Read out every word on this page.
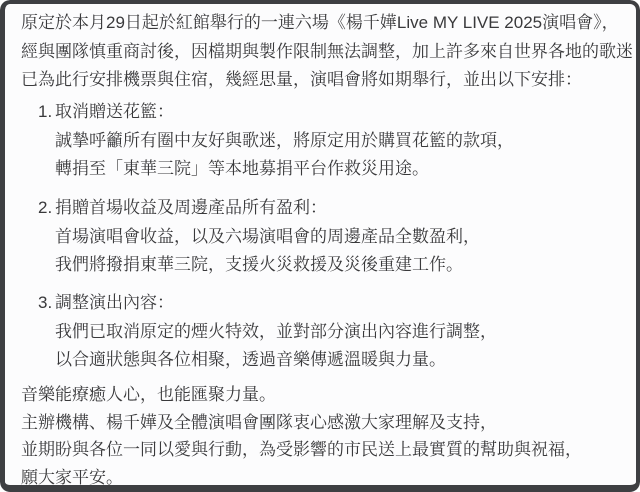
原定於本月29日起於紅館舉行的一連六場《楊千嬅Live MY LIVE 2025演唱會》，
經與團隊慎重商討後，因檔期與製作限制無法調整，加上許多來自世界各地的歌迷
已為此行安排機票與住宿，幾經思量，演唱會將如期舉行，並出以下安排：
1. 取消贈送花籃：
誠摯呼籲所有圈中友好與歌迷，將原定用於購買花籃的款項，
轉捐至「東華三院」等本地募捐平台作救災用途。
2. 捐贈首場收益及周邊產品所有盈利：
首場演唱會收益，以及六場演唱會的周邊產品全數盈利，
我們將撥捐東華三院，支援火災救援及災後重建工作。
3. 調整演出內容：
我們已取消原定的煙火特效，並對部分演出內容進行調整，
以合適狀態與各位相聚，透過音樂傳遞溫暖與力量。
音樂能療癒人心，也能匯聚力量。
主辦機構、楊千嬅及全體演唱會團隊衷心感激大家理解及支持，
並期盼與各位一同以愛與行動，為受影響的市民送上最實質的幫助與祝福，
願大家平安。
